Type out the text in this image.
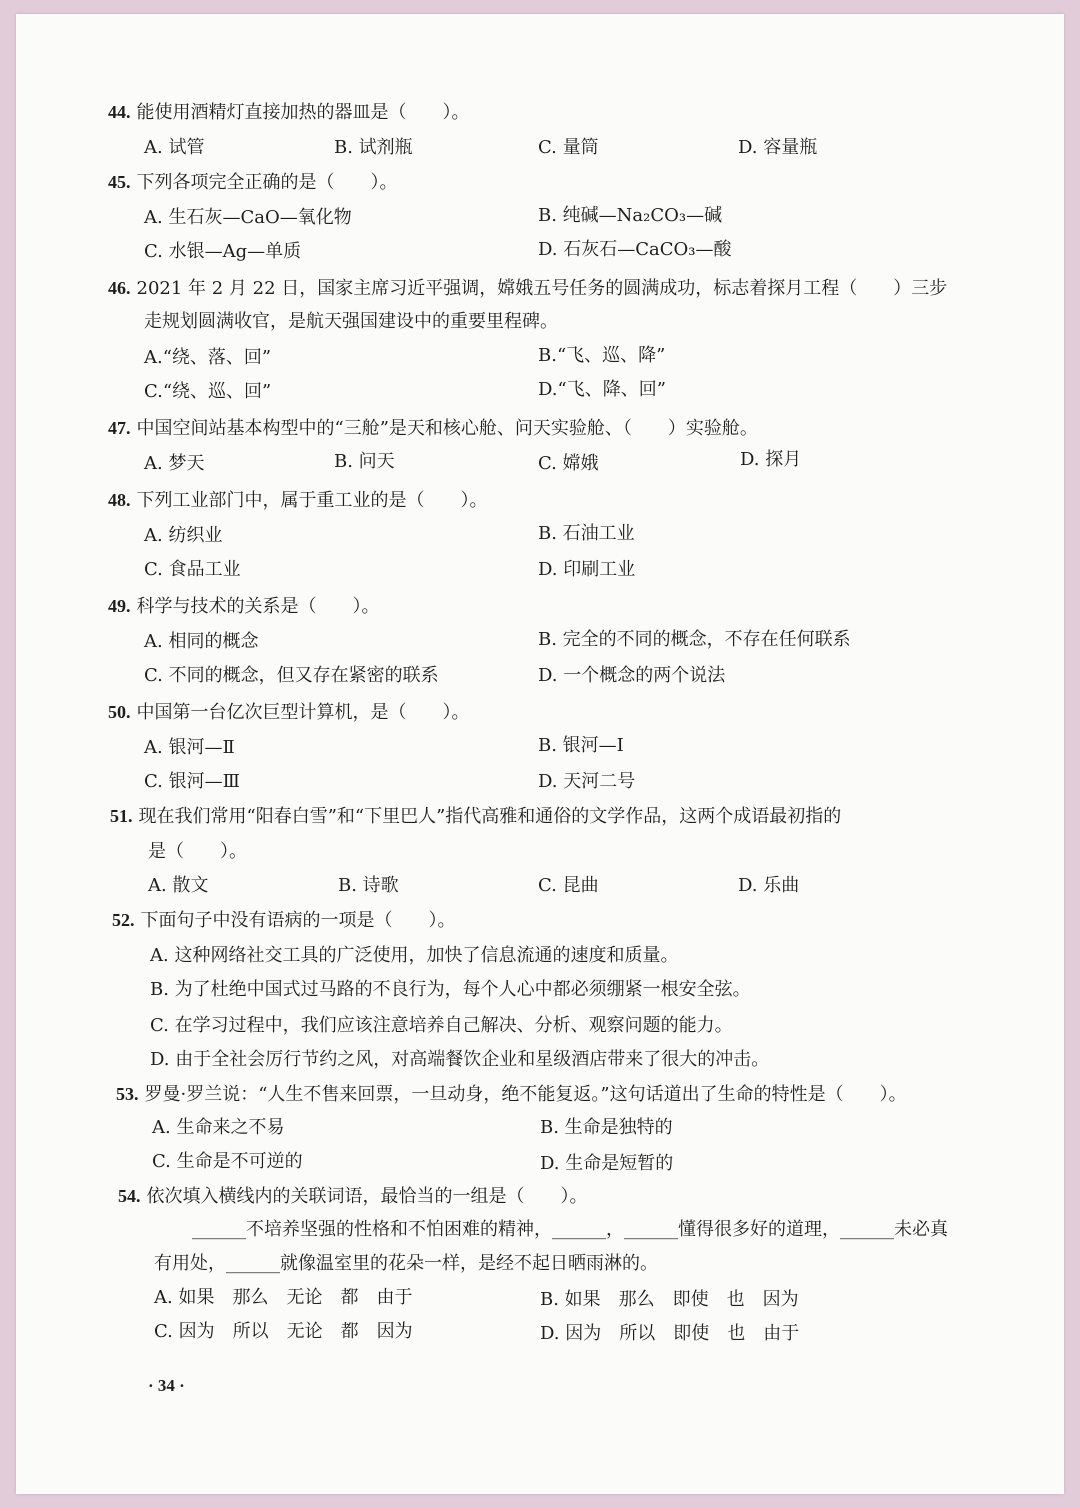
44. 能使用酒精灯直接加热的器皿是（　　）。
A. 试管	B. 试剂瓶	C. 量筒	D. 容量瓶
45. 下列各项完全正确的是（　　）。
A. 生石灰—CaO—氧化物	B. 纯碱—Na₂CO₃—碱
C. 水银—Ag—单质	D. 石灰石—CaCO₃—酸
46. 2021 年 2 月 22 日，国家主席习近平强调，嫦娥五号任务的圆满成功，标志着探月工程（　　）三步
走规划圆满收官，是航天强国建设中的重要里程碑。
A.“绕、落、回”	B.“飞、巡、降”
C.“绕、巡、回”	D.“飞、降、回”
47. 中国空间站基本构型中的“三舱”是天和核心舱、问天实验舱、（　　）实验舱。
A. 梦天	B. 问天	C. 嫦娥	D. 探月
48. 下列工业部门中，属于重工业的是（　　）。
A. 纺织业	B. 石油工业
C. 食品工业	D. 印刷工业
49. 科学与技术的关系是（　　）。
A. 相同的概念	B. 完全的不同的概念，不存在任何联系
C. 不同的概念，但又存在紧密的联系	D. 一个概念的两个说法
50. 中国第一台亿次巨型计算机，是（　　）。
A. 银河—Ⅱ	B. 银河—Ⅰ
C. 银河—Ⅲ	D. 天河二号
51. 现在我们常用“阳春白雪”和“下里巴人”指代高雅和通俗的文学作品，这两个成语最初指的
是（　　）。
A. 散文	B. 诗歌	C. 昆曲	D. 乐曲
52. 下面句子中没有语病的一项是（　　）。
A. 这种网络社交工具的广泛使用，加快了信息流通的速度和质量。
B. 为了杜绝中国式过马路的不良行为，每个人心中都必须绷紧一根安全弦。
C. 在学习过程中，我们应该注意培养自己解决、分析、观察问题的能力。
D. 由于全社会厉行节约之风，对高端餐饮企业和星级酒店带来了很大的冲击。
53. 罗曼·罗兰说：“人生不售来回票，一旦动身，绝不能复返。”这句话道出了生命的特性是（　　）。
A. 生命来之不易	B. 生命是独特的
C. 生命是不可逆的	D. 生命是短暂的
54. 依次填入横线内的关联词语，最恰当的一组是（　　）。
______不培养坚强的性格和不怕困难的精神，______，______懂得很多好的道理，______未必真
有用处，______就像温室里的花朵一样，是经不起日晒雨淋的。
A. 如果　那么　无论　都　由于	B. 如果　那么　即使　也　因为
C. 因为　所以　无论　都　因为	D. 因为　所以　即使　也　由于
· 34 ·
